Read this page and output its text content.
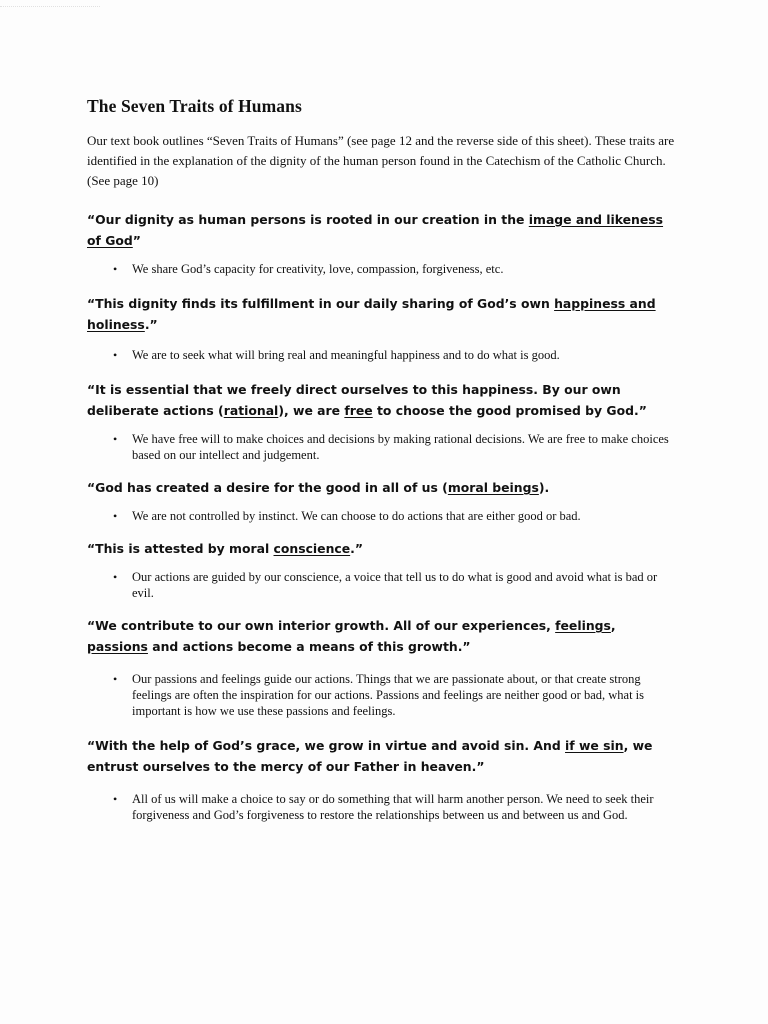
The Seven Traits of Humans
Our text book outlines “Seven Traits of Humans” (see page 12 and the reverse side of this sheet). These traits are identified in the explanation of the dignity of the human person found in the Catechism of the Catholic Church. (See page 10)
“Our dignity as human persons is rooted in our creation in the image and likeness of God”
• We share God’s capacity for creativity, love, compassion, forgiveness, etc.
“This dignity finds its fulfillment in our daily sharing of God’s own happiness and holiness.”
• We are to seek what will bring real and meaningful happiness and to do what is good.
“It is essential that we freely direct ourselves to this happiness. By our own deliberate actions (rational), we are free to choose the good promised by God.”
• We have free will to make choices and decisions by making rational decisions. We are free to make choices based on our intellect and judgement.
“God has created a desire for the good in all of us (moral beings).
• We are not controlled by instinct. We can choose to do actions that are either good or bad.
“This is attested by moral conscience.”
• Our actions are guided by our conscience, a voice that tell us to do what is good and avoid what is bad or evil.
“We contribute to our own interior growth. All of our experiences, feelings, passions and actions become a means of this growth.”
• Our passions and feelings guide our actions. Things that we are passionate about, or that create strong feelings are often the inspiration for our actions. Passions and feelings are neither good or bad, what is important is how we use these passions and feelings.
“With the help of God’s grace, we grow in virtue and avoid sin. And if we sin, we entrust ourselves to the mercy of our Father in heaven.”
• All of us will make a choice to say or do something that will harm another person. We need to seek their forgiveness and God’s forgiveness to restore the relationships between us and between us and God.
